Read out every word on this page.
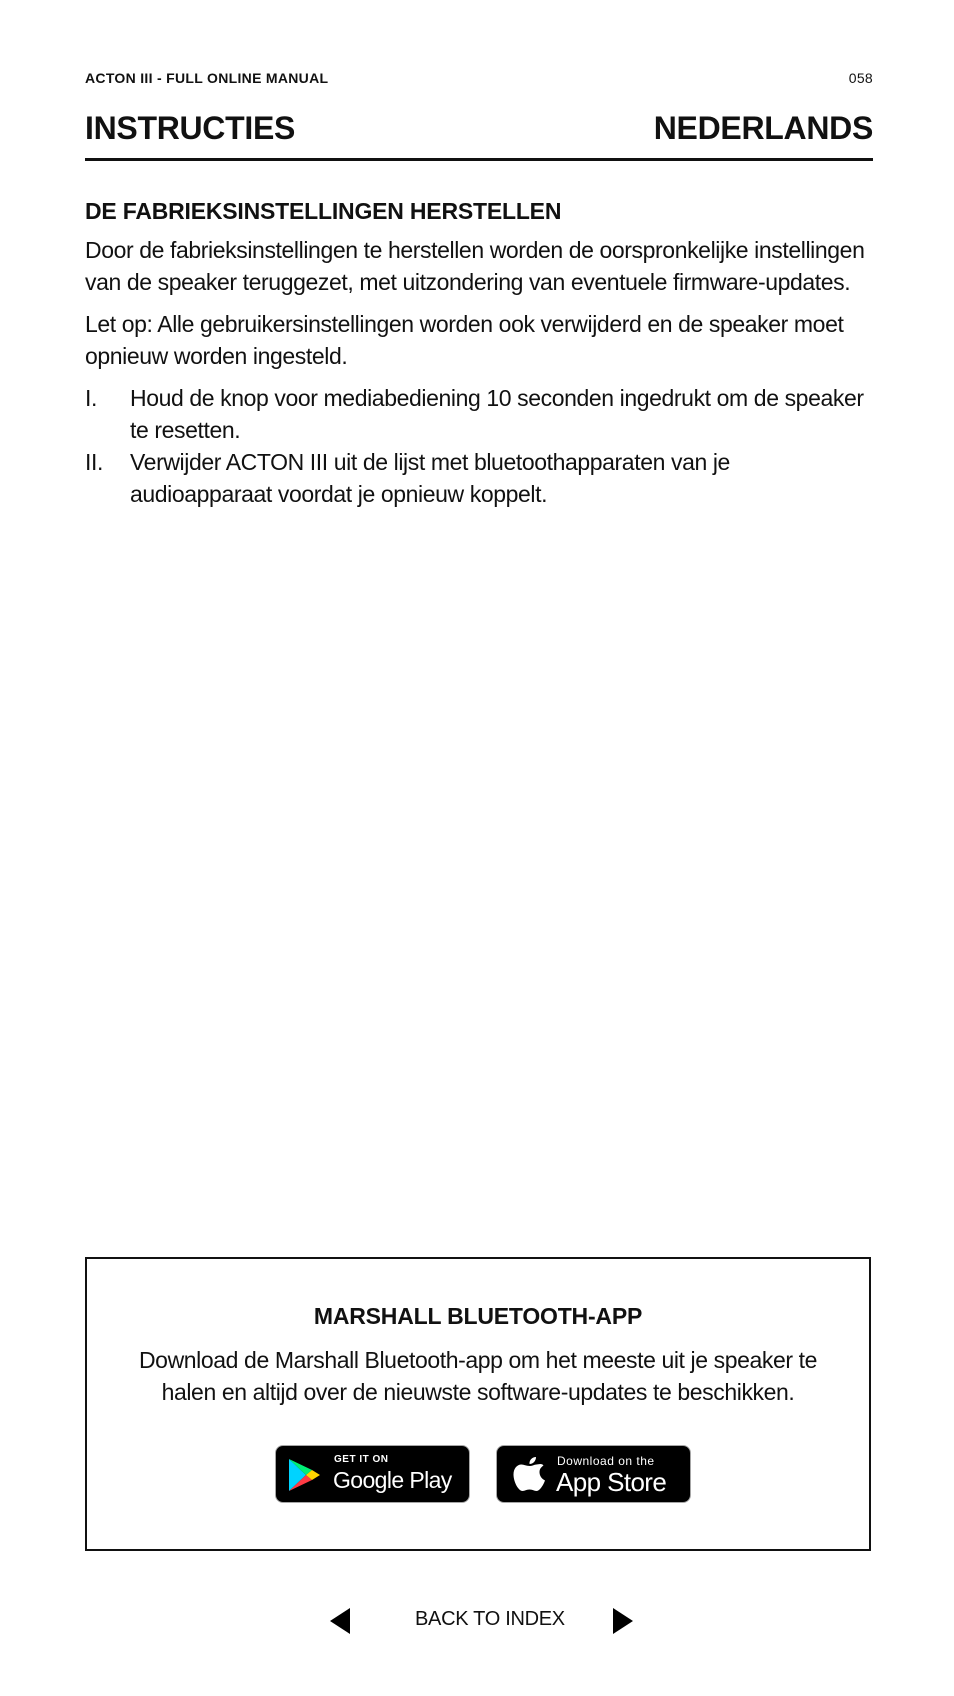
ACTON III - FULL ONLINE MANUAL	058
INSTRUCTIES	NEDERLANDS
DE FABRIEKSINSTELLINGEN HERSTELLEN

Door de fabrieksinstellingen te herstellen worden de oorspronkelijke instellingen van de speaker teruggezet, met uitzondering van eventuele firmware-updates.

Let op: Alle gebruikersinstellingen worden ook verwijderd en de speaker moet opnieuw worden ingesteld.

I. Houd de knop voor mediabediening 10 seconden ingedrukt om de speaker te resetten.
II. Verwijder ACTON III uit de lijst met bluetoothapparaten van je audioapparaat voordat je opnieuw koppelt.
MARSHALL BLUETOOTH-APP

Download de Marshall Bluetooth-app om het meeste uit je speaker te halen en altijd over de nieuwste software-updates te beschikken.

GET IT ON
Google Play
Download on the
App Store
BACK TO INDEX
